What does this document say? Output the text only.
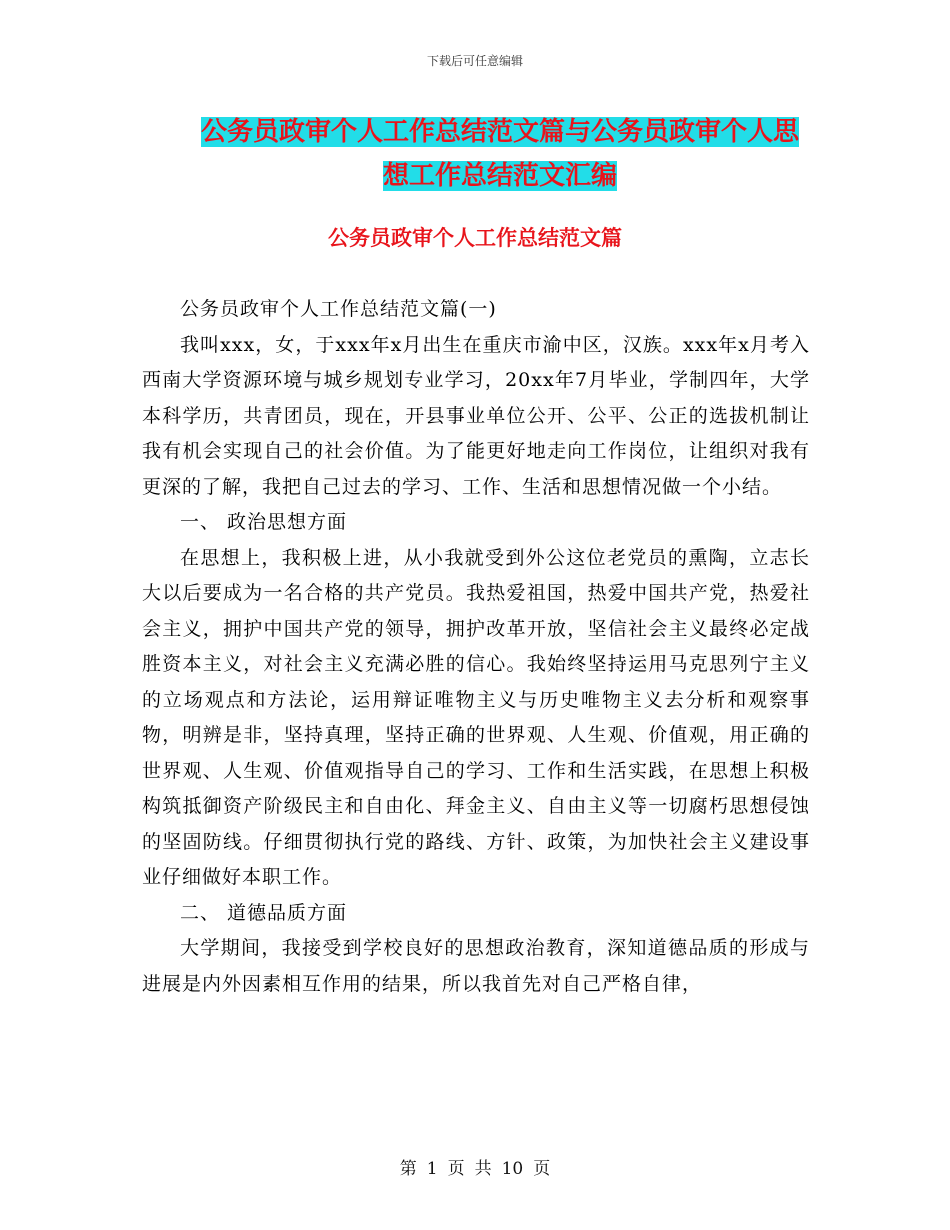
下载后可任意编辑
公务员政审个人工作总结范文篇与公务员政审个人思
想工作总结范文汇编
公务员政审个人工作总结范文篇

公务员政审个人工作总结范文篇(一)

我叫xxx，女，于xxx年x月出生在重庆市渝中区，汉族。xxx年x月考入西南大学资源环境与城乡规划专业学习，20xx年7月毕业，学制四年，大学本科学历，共青团员，现在，开县事业单位公开、公平、公正的选拔机制让我有机会实现自己的社会价值。为了能更好地走向工作岗位，让组织对我有更深的了解，我把自己过去的学习、工作、生活和思想情况做一个小结。

一、 政治思想方面

在思想上，我积极上进，从小我就受到外公这位老党员的熏陶，立志长大以后要成为一名合格的共产党员。我热爱祖国，热爱中国共产党，热爱社会主义，拥护中国共产党的领导，拥护改革开放，坚信社会主义最终必定战胜资本主义，对社会主义充满必胜的信心。我始终坚持运用马克思列宁主义的立场观点和方法论，运用辩证唯物主义与历史唯物主义去分析和观察事物，明辨是非，坚持真理，坚持正确的世界观、人生观、价值观，用正确的世界观、人生观、价值观指导自己的学习、工作和生活实践，在思想上积极构筑抵御资产阶级民主和自由化、拜金主义、自由主义等一切腐朽思想侵蚀的坚固防线。仔细贯彻执行党的路线、方针、政策，为加快社会主义建设事业仔细做好本职工作。

二、 道德品质方面

大学期间，我接受到学校良好的思想政治教育，深知道德品质的形成与进展是内外因素相互作用的结果，所以我首先对自己严格自律，

第 1 页 共 10 页
